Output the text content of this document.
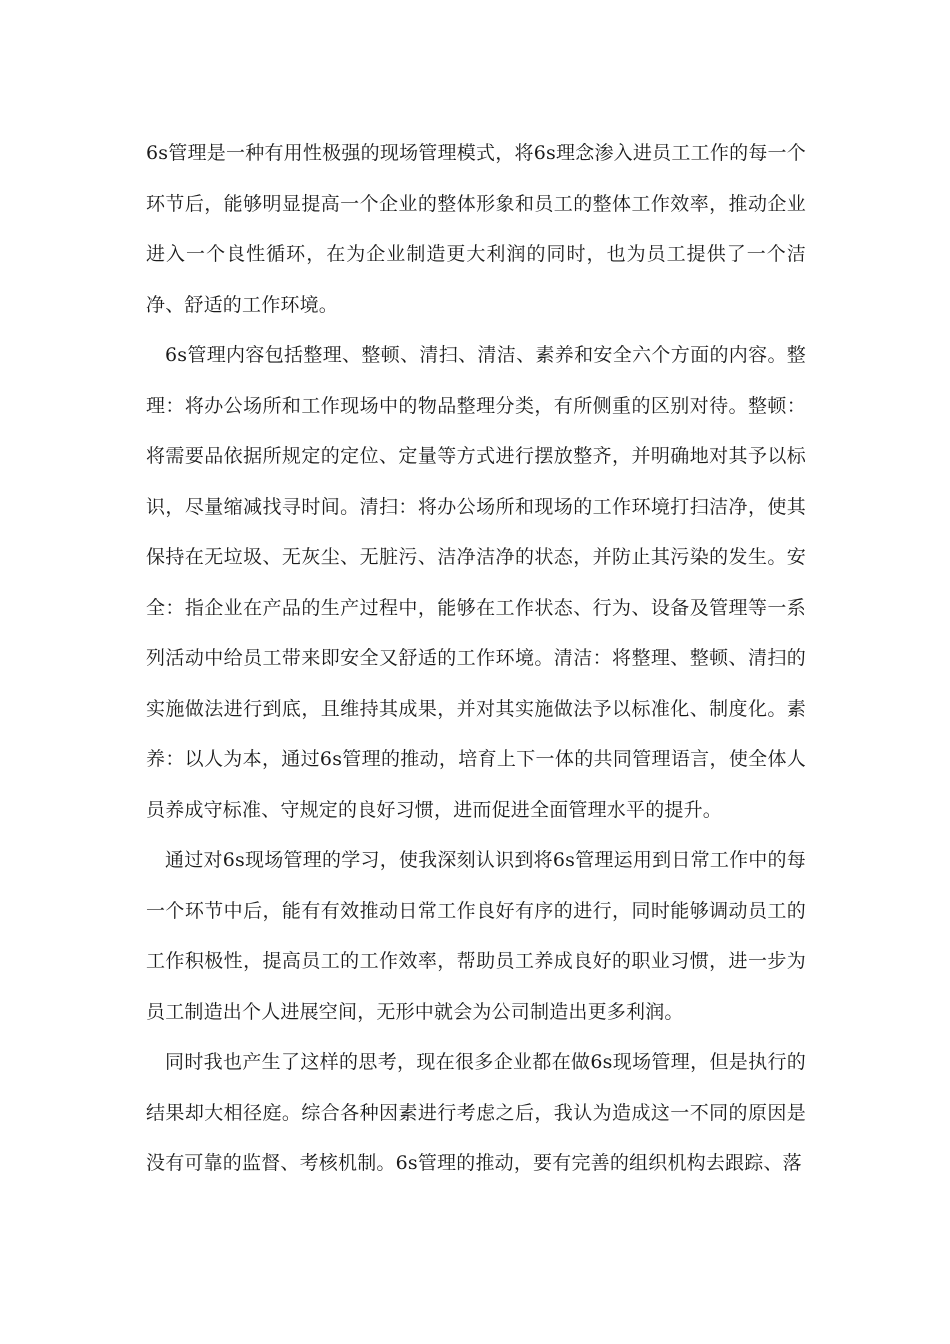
6s管理是一种有用性极强的现场管理模式，将6s理念渗入进员工工作的每一个环节后，能够明显提高一个企业的整体形象和员工的整体工作效率，推动企业进入一个良性循环，在为企业制造更大利润的同时，也为员工提供了一个洁净、舒适的工作环境。

6s管理内容包括整理、整顿、清扫、清洁、素养和安全六个方面的内容。整理：将办公场所和工作现场中的物品整理分类，有所侧重的区别对待。整顿：将需要品依据所规定的定位、定量等方式进行摆放整齐，并明确地对其予以标识，尽量缩减找寻时间。清扫：将办公场所和现场的工作环境打扫洁净，使其保持在无垃圾、无灰尘、无脏污、洁净洁净的状态，并防止其污染的发生。安全：指企业在产品的生产过程中，能够在工作状态、行为、设备及管理等一系列活动中给员工带来即安全又舒适的工作环境。清洁：将整理、整顿、清扫的实施做法进行到底，且维持其成果，并对其实施做法予以标准化、制度化。素养：以人为本，通过6s管理的推动，培育上下一体的共同管理语言，使全体人员养成守标准、守规定的良好习惯，进而促进全面管理水平的提升。

通过对6s现场管理的学习，使我深刻认识到将6s管理运用到日常工作中的每一个环节中后，能有有效推动日常工作良好有序的进行，同时能够调动员工的工作积极性，提高员工的工作效率，帮助员工养成良好的职业习惯，进一步为员工制造出个人进展空间，无形中就会为公司制造出更多利润。

同时我也产生了这样的思考，现在很多企业都在做6s现场管理，但是执行的结果却大相径庭。综合各种因素进行考虑之后，我认为造成这一不同的原因是没有可靠的监督、考核机制。6s管理的推动，要有完善的组织机构去跟踪、落
